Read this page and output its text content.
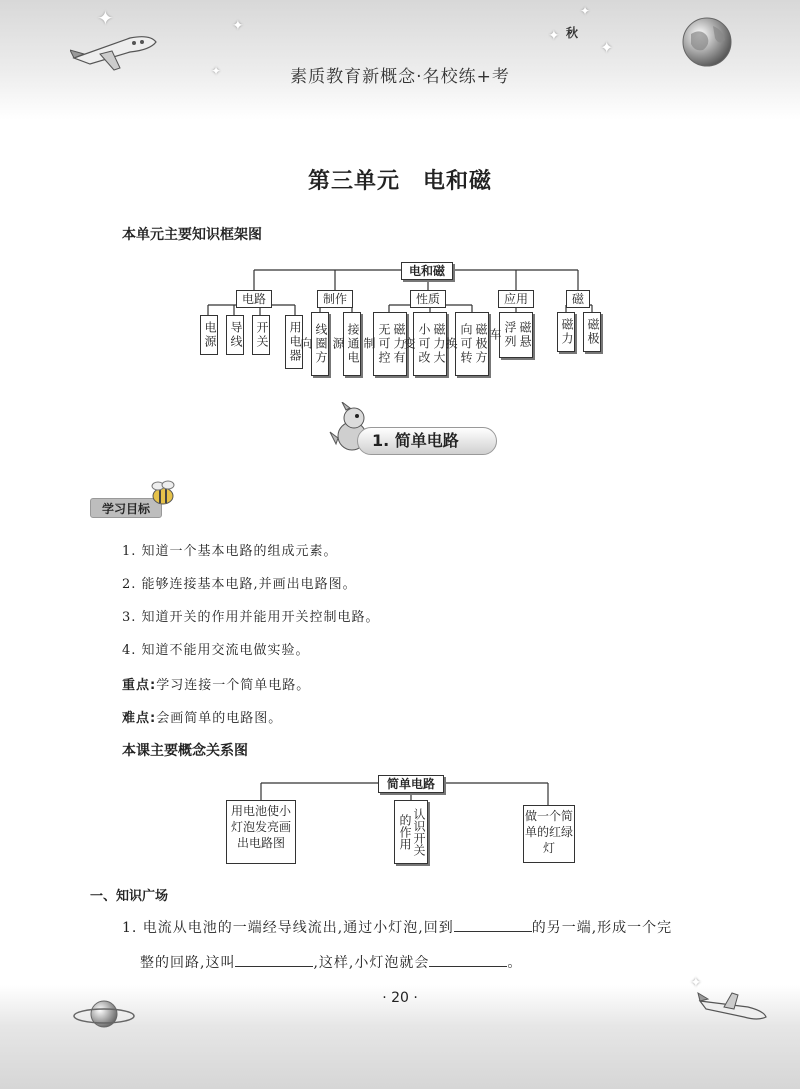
✦	✦
✦
✦
✦
✦
秋
素质教育新概念·名校练+考
第三单元　电和磁
本单元主要知识框架图
电和磁
电路	制作	性质	应用	磁
电源 导线 开关 用电器 线圈方向	接通电源	磁力有无可控制	磁力大小可改变	磁极方向可转换	磁悬浮列车	磁力 磁极
1. 简单电路
学习目标
1. 知道一个基本电路的组成元素。
2. 能够连接基本电路,并画出电路图。
3. 知道开关的作用并能用开关控制电路。
4. 知道不能用交流电做实验。
重点:学习连接一个简单电路。
难点:会画简单的电路图。
本课主要概念关系图
简单电路
用电池使小灯泡发亮画出电路图	认识开关的作用	做一个简单的红绿灯
一、知识广场
1. 电流从电池的一端经导线流出,通过小灯泡,回到	的另一端,形成一个完
整的回路,这叫	,这样,小灯泡就会	。
· 20 ·
✦
